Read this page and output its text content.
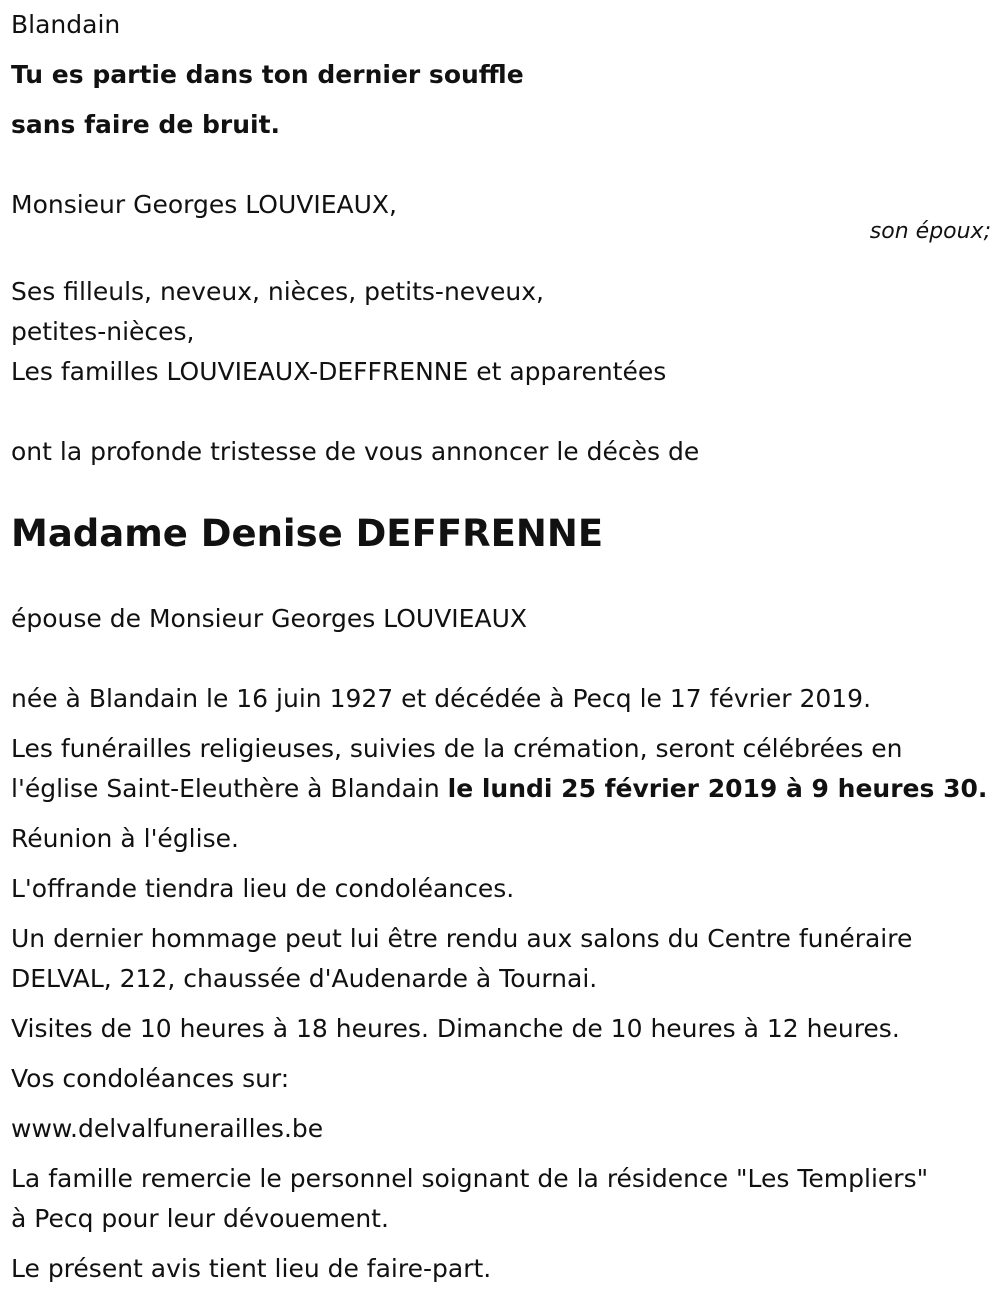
Blandain

Tu es partie dans ton dernier souffle

sans faire de bruit.

Monsieur Georges LOUVIEAUX,
son époux;

Ses filleuls, neveux, nièces, petits-neveux,

petites-nièces,

Les familles LOUVIEAUX-DEFFRENNE et apparentées

ont la profonde tristesse de vous annoncer le décès de

Madame Denise DEFFRENNE

épouse de Monsieur Georges LOUVIEAUX

née à Blandain le 16 juin 1927 et décédée à Pecq le 17 février 2019.

Les funérailles religieuses, suivies de la crémation, seront célébrées en

l'église Saint-Eleuthère à Blandain le lundi 25 février 2019 à 9 heures 30.

Réunion à l'église.

L'offrande tiendra lieu de condoléances.

Un dernier hommage peut lui être rendu aux salons du Centre funéraire

DELVAL, 212, chaussée d'Audenarde à Tournai.

Visites de 10 heures à 18 heures. Dimanche de 10 heures à 12 heures.

Vos condoléances sur:

www.delvalfunerailles.be

La famille remercie le personnel soignant de la résidence "Les Templiers"

à Pecq pour leur dévouement.

Le présent avis tient lieu de faire-part.
